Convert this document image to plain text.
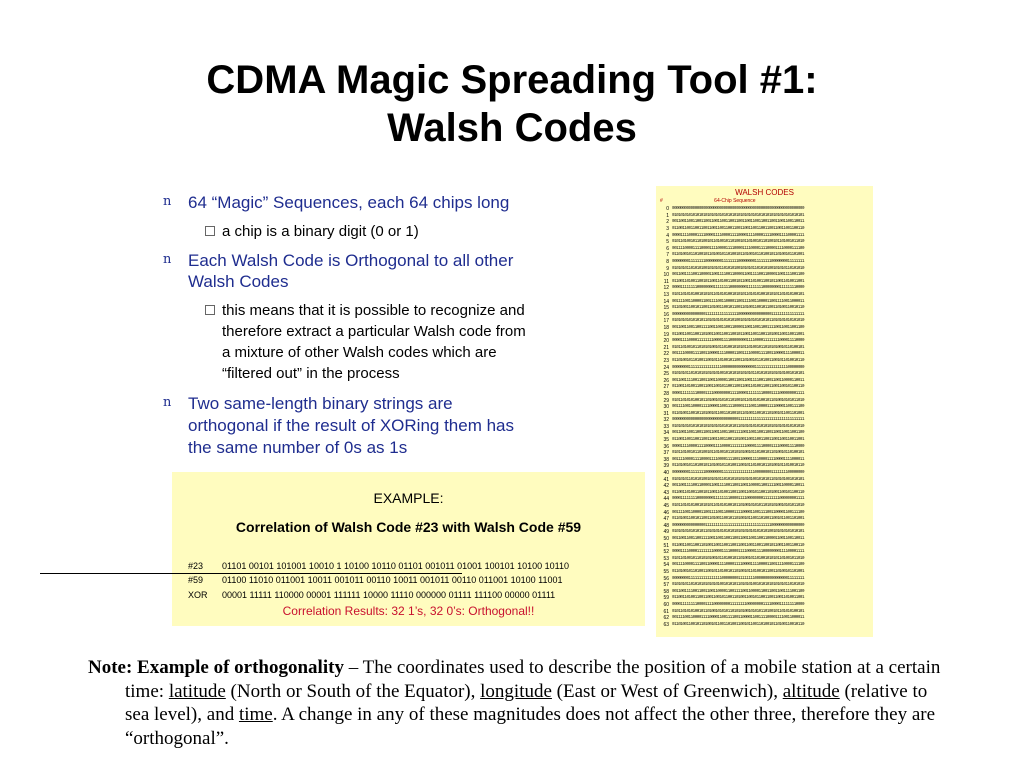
CDMA Magic Spreading Tool #1:
Walsh Codes
n 64 “Magic” Sequences, each 64 chips long
a chip is a binary digit (0 or 1)
n Each Walsh Code is Orthogonal to all other
Walsh Codes
this means that it is possible to recognize and
therefore extract a particular Walsh code from
a mixture of other Walsh codes which are
“filtered out” in the process
n Two same-length binary strings are
orthogonal if the result of XORing them has
the same number of 0s as 1s
EXAMPLE:
Correlation of Walsh Code #23 with Walsh Code #59

#23 01101 00101 101001 10010 1 10100 10110 01101 001011 01001 100101 10100 10110

#59 01100 11010 011001 10011 001011 00110 10011 001011 00110 011001 10100 11001

XOR 00001 11111 110000 00001 111111 10000 11110 000000 01111 111100 00000 01111

Correlation Results: 32 1’s, 32 0’s: Orthogonal!!
WALSH CODES
#	64-Chip Sequence
0 0000000000000000000000000000000000000000000000000000000000000000
1 0101010101010101010101010101010101010101010101010101010101010101
2 0011001100110011001100110011001100110011001100110011001100110011
3 0110011001100110011001100110011001100110011001100110011001100110
4 0000111100001111000011110000111100001111000011110000111100001111
5 0101101001011010010110100101101001011010010110100101101001011010
6 0011110000111100001111000011110000111100001111000011110000111100
7 0110100101101001011010010110100101101001011010010110100101101001
8 0000000011111111000000001111111100000000111111110000000011111111
9 0101010110101010010101011010101001010101101010100101010110101010
10 0011001111001100001100111100110000110011110011000011001111001100
11 0110011010011001011001101001100101100110100110010110011010011001
12 0000111111110000000011111111000000001111111100000000111111110000
13 0101101010100101010110101010010101011010101001010101101010100101
14 0011110011000011001111001100001100111100110000110011110011000011
15 0110100110010110011010011001011001101001100101100110100110010110
16 0000000000000000111111111111111100000000000000001111111111111111
17 0101010101010101101010101010101001010101010101011010101010101010
18 0011001100110011110011001100110000110011001100111100110011001100
19 0110011001100110100110011001100101100110011001101001100110011001
20 0000111100001111111100001111000000001111000011111111000011110000
21 0101101001011010101001011010010101011010010110101010010110100101
22 0011110000111100110000111100001100111100001111001100001111000011
23 0110100101101001100101101001011001101001011010011001011010010110
24 0000000011111111111111110000000000000000111111111111111100000000
25 0101010110101010101010100101010101010101101010101010101001010101
26 0011001111001100110011000011001100110011110011001100110000110011
27 0110011010011001100110010110011001100110100110011001100101100110
28 0000111111110000111100000000111100001111111100001111000000001111
29 0101101010100101101001010101101001011010101001011010010101011010
30 0011110011000011110000110011110000111100110000111100001100111100
31 0110100110010110100101100110100101101001100101101001011001101001
32 0000000000000000000000000000000011111111111111111111111111111111
33 0101010101010101010101010101010110101010101010101010101010101010
34 0011001100110011001100110011001111001100110011001100110011001100
35 0110011001100110011001100110011010011001100110011001100110011001
36 0000111100001111000011110000111111110000111100001111000011110000
37 0101101001011010010110100101101010100101101001011010010110100101
38 0011110000111100001111000011110011000011110000111100001111000011
39 0110100101101001011010010110100110010110100101101001011010010110
40 0000000011111111000000001111111111111111000000001111111100000000
41 0101010110101010010101011010101010101010010101011010101001010101
42 0011001111001100001100111100110011001100001100111100110000110011
43 0110011010011001011001101001100110011001011001101001100101100110
44 0000111111110000000011111111000011110000000011111111000000001111
45 0101101010100101010110101010010110100101010110101010010101011010
46 0011110011000011001111001100001111000011001111001100001100111100
47 0110100110010110011010011001011010010110011010011001011001101001
48 0000000000000000111111111111111111111111111111110000000000000000
49 0101010101010101101010101010101010101010101010100101010101010101
50 0011001100110011110011001100110011001100110011000011001100110011
51 0110011001100110100110011001100110011001100110010110011001100110
52 0000111100001111111100001111000011110000111100000000111100001111
53 0101101001011010101001011010010110100101101001010101101001011010
54 0011110000111100110000111100001111000011110000110011110000111100
55 0110100101101001100101101001011010010110100101100110100101101001
56 0000000011111111111111110000000011111111000000000000000011111111
57 0101010110101010101010100101010110101010010101010101010110101010
58 0011001111001100110011000011001111001100001100110011001111001100
59 0110011010011001100110010110011010011001011001100110011010011001
60 0000111111110000111100000000111111110000000011110000111111110000
61 0101101010100101101001010101101010100101010110100101101010100101
62 0011110011000011110000110011110011000011001111000011110011000011
63 0110100110010110100101100110100110010110011010010110100110010110
Note: Example of orthogonality – The coordinates used to describe the position of a mobile station at a certain time: latitude (North or South of the Equator), longitude (East or West of Greenwich), altitude (relative to sea level), and time. A change in any of these magnitudes does not affect the other three, therefore they are “orthogonal”.
